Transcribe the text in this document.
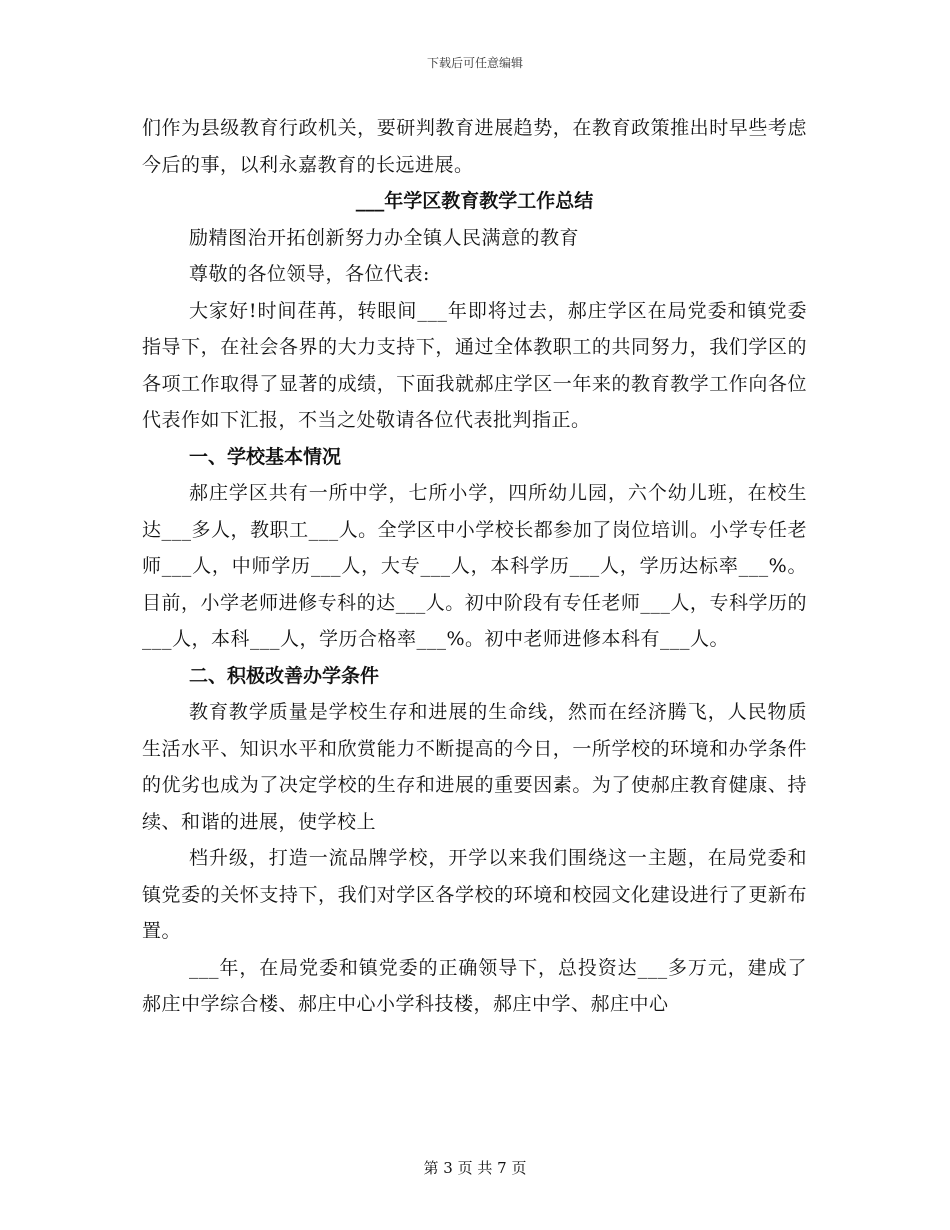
下载后可任意编辑

们作为县级教育行政机关，要研判教育进展趋势，在教育政策推出时早些考虑今后的事，以利永嘉教育的长远进展。

___年学区教育教学工作总结

励精图治开拓创新努力办全镇人民满意的教育

尊敬的各位领导，各位代表:

大家好!时间荏苒，转眼间___年即将过去，郝庄学区在局党委和镇党委指导下，在社会各界的大力支持下，通过全体教职工的共同努力，我们学区的各项工作取得了显著的成绩，下面我就郝庄学区一年来的教育教学工作向各位代表作如下汇报，不当之处敬请各位代表批判指正。

一、学校基本情况

郝庄学区共有一所中学，七所小学，四所幼儿园，六个幼儿班，在校生达___多人，教职工___人。全学区中小学校长都参加了岗位培训。小学专任老师___人，中师学历___人，大专___人，本科学历___人，学历达标率___%。目前，小学老师进修专科的达___人。初中阶段有专任老师___人，专科学历的___人，本科___人，学历合格率___%。初中老师进修本科有___人。

二、积极改善办学条件

教育教学质量是学校生存和进展的生命线，然而在经济腾飞，人民物质生活水平、知识水平和欣赏能力不断提高的今日，一所学校的环境和办学条件的优劣也成为了决定学校的生存和进展的重要因素。为了使郝庄教育健康、持续、和谐的进展，使学校上

档升级，打造一流品牌学校，开学以来我们围绕这一主题，在局党委和镇党委的关怀支持下，我们对学区各学校的环境和校园文化建设进行了更新布置。

___年，在局党委和镇党委的正确领导下，总投资达___多万元，建成了郝庄中学综合楼、郝庄中心小学科技楼，郝庄中学、郝庄中心

第 3 页 共 7 页
